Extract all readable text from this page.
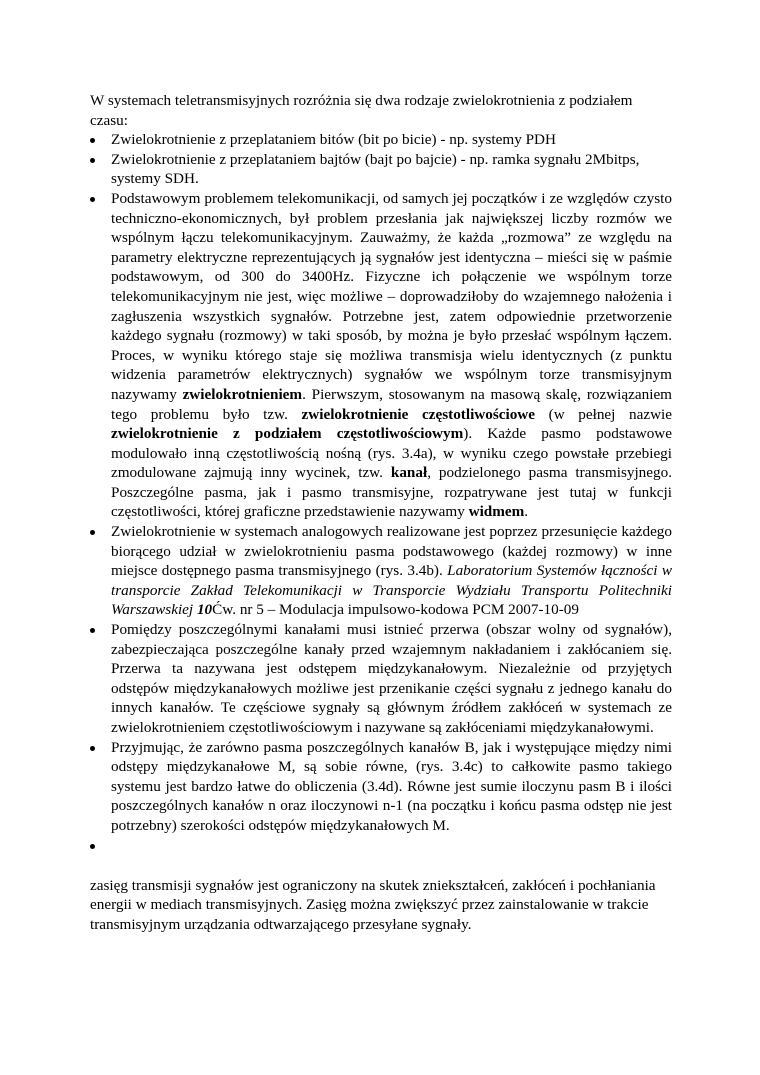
W systemach teletransmisyjnych rozróżnia się dwa rodzaje zwielokrotnienia z podziałem czasu:

Zwielokrotnienie z przeplataniem bitów (bit po bicie) - np. systemy PDH
Zwielokrotnienie z przeplataniem bajtów (bajt po bajcie) - np. ramka sygnału 2Mbitps, systemy SDH.
Podstawowym problemem telekomunikacji, od samych jej początków i ze względów czysto techniczno-ekonomicznych, był problem przesłania jak największej liczby rozmów we wspólnym łączu telekomunikacyjnym. Zauważmy, że każda „rozmowa” ze względu na parametry elektryczne reprezentujących ją sygnałów jest identyczna – mieści się w paśmie podstawowym, od 300 do 3400Hz. Fizyczne ich połączenie we wspólnym torze telekomunikacyjnym nie jest, więc możliwe – doprowadziłoby do wzajemnego nałożenia i zagłuszenia wszystkich sygnałów. Potrzebne jest, zatem odpowiednie przetworzenie każdego sygnału (rozmowy) w taki sposób, by można je było przesłać wspólnym łączem. Proces, w wyniku którego staje się możliwa transmisja wielu identycznych (z punktu widzenia parametrów elektrycznych) sygnałów we wspólnym torze transmisyjnym nazywamy zwielokrotnieniem. Pierwszym, stosowanym na masową skalę, rozwiązaniem tego problemu było tzw. zwielokrotnienie częstotliwościowe (w pełnej nazwie zwielokrotnienie z podziałem częstotliwościowym). Każde pasmo podstawowe modulowało inną częstotliwością nośną (rys. 3.4a), w wyniku czego powstałe przebiegi zmodulowane zajmują inny wycinek, tzw. kanał, podzielonego pasma transmisyjnego. Poszczególne pasma, jak i pasmo transmisyjne, rozpatrywane jest tutaj w funkcji częstotliwości, której graficzne przedstawienie nazywamy widmem.
Zwielokrotnienie w systemach analogowych realizowane jest poprzez przesunięcie każdego biorącego udział w zwielokrotnieniu pasma podstawowego (każdej rozmowy) w inne miejsce dostępnego pasma transmisyjnego (rys. 3.4b). Laboratorium Systemów łączności w transporcie Zakład Telekomunikacji w Transporcie Wydziału Transportu Politechniki Warszawskiej 10Ćw. nr 5 – Modulacja impulsowo-kodowa PCM 2007-10-09
Pomiędzy poszczególnymi kanałami musi istnieć przerwa (obszar wolny od sygnałów), zabezpieczająca poszczególne kanały przed wzajemnym nakładaniem i zakłócaniem się. Przerwa ta nazywana jest odstępem międzykanałowym. Niezależnie od przyjętych odstępów międzykanałowych możliwe jest przenikanie części sygnału z jednego kanału do innych kanałów. Te częściowe sygnały są głównym źródłem zakłóceń w systemach ze zwielokrotnieniem częstotliwościowym i nazywane są zakłóceniami międzykanałowymi.
Przyjmując, że zarówno pasma poszczególnych kanałów B, jak i występujące między nimi odstępy międzykanałowe M, są sobie równe, (rys. 3.4c) to całkowite pasmo takiego systemu jest bardzo łatwe do obliczenia (3.4d). Równe jest sumie iloczynu pasm B i ilości poszczególnych kanałów n oraz iloczynowi n-1 (na początku i końcu pasma odstęp nie jest potrzebny) szerokości odstępów międzykanałowych M.

zasięg transmisji sygnałów jest ograniczony na skutek zniekształceń, zakłóceń i pochłaniania energii w mediach transmisyjnych. Zasięg można zwiększyć przez zainstalowanie w trakcie transmisyjnym urządzania odtwarzającego przesyłane sygnały.
